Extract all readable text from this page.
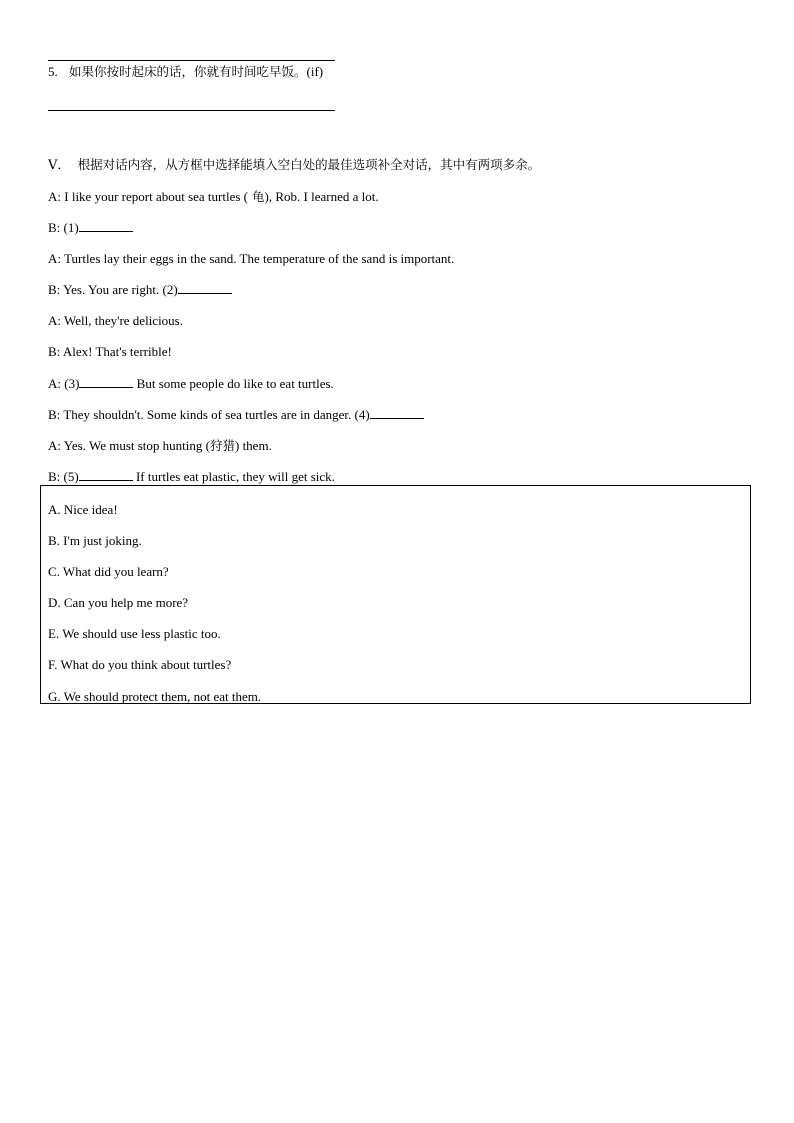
5. 如果你按时起床的话，你就有时间吃早饭。(if)
Ⅴ． 根据对话内容，从方框中选择能填入空白处的最佳选项补全对话，其中有两项多余。
A: I like your report about sea turtles ( 龟), Rob. I learned a lot.
B: (1)
A: Turtles lay their eggs in the sand. The temperature of the sand is important.
B: Yes. You are right. (2)
A: Well, they're delicious.
B: Alex! That's terrible!
A: (3)	But some people do like to eat turtles.
B: They shouldn't. Some kinds of sea turtles are in danger. (4)
A: Yes. We must stop hunting (狩猎) them.
B: (5)	If turtles eat plastic, they will get sick.
A. Nice idea!
B. I'm just joking.
C. What did you learn?
D. Can you help me more?
E. We should use less plastic too.
F. What do you think about turtles?
G. We should protect them, not eat them.
